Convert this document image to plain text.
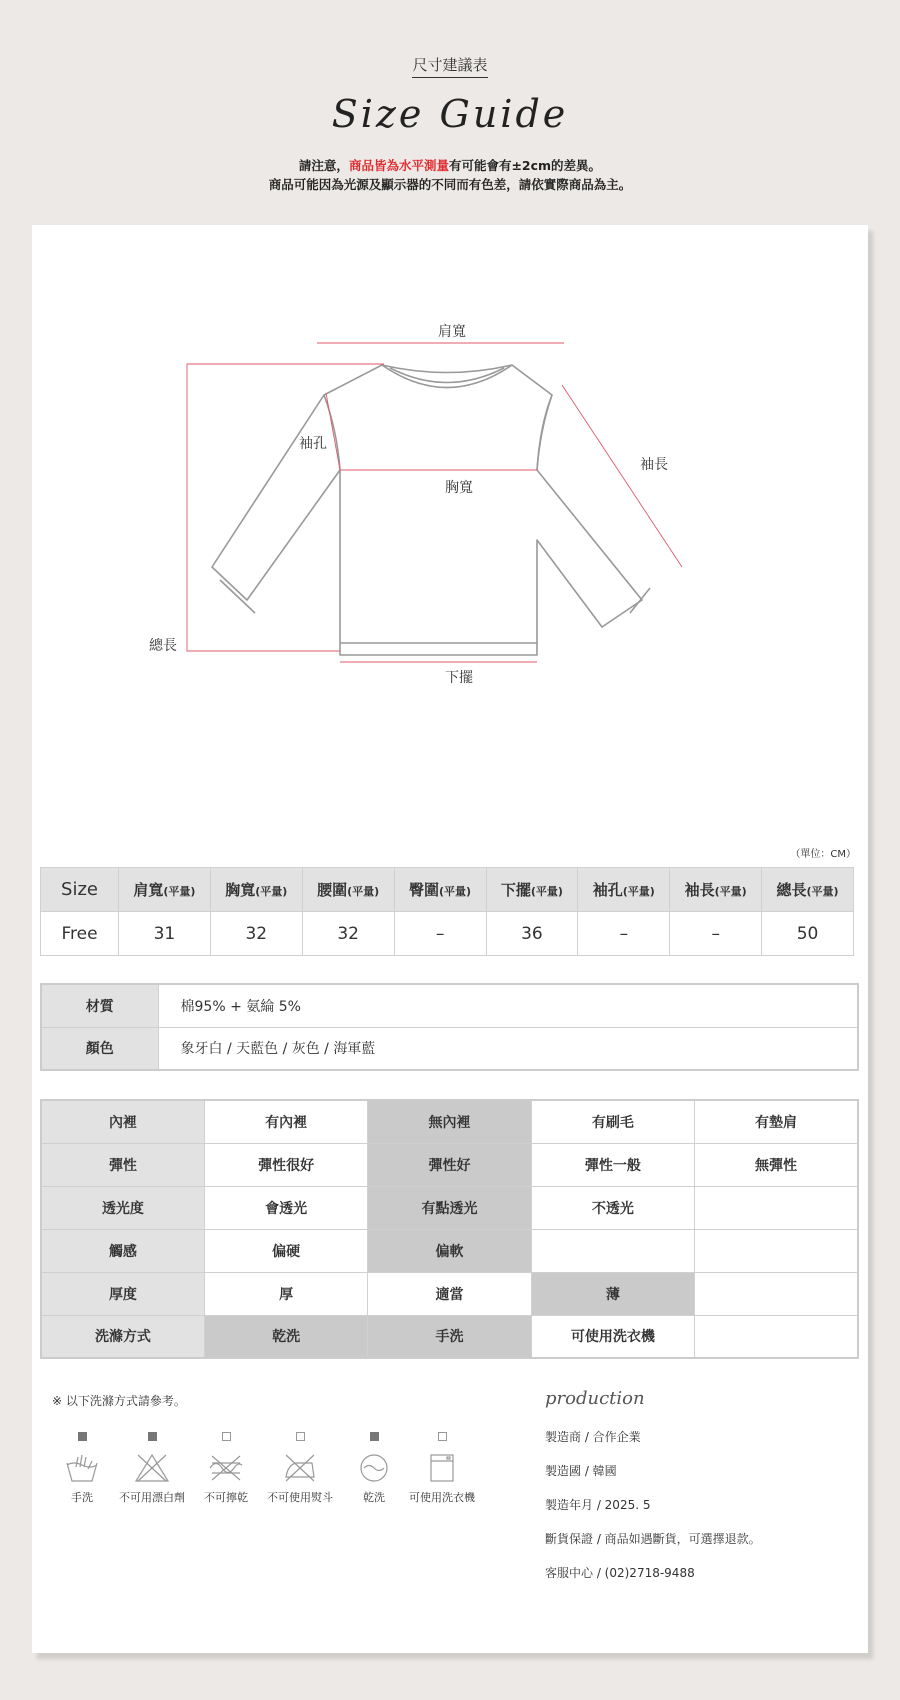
尺寸建議表
Size Guide
請注意，商品皆為水平測量有可能會有±2cm的差異。
商品可能因為光源及顯示器的不同而有色差，請依實際商品為主。
肩寬
袖孔
袖長
胸寬
總長
下擺
（單位：CM）
Size	肩寬(平量)	胸寬(平量)	腰圍(平量)	臀圍(平量)	下擺(平量)	袖孔(平量)	袖長(平量)	總長(平量)
Free	31	32	32	–	36	–	–	50
材質	棉95% + 氨綸 5%
顏色	象牙白 / 天藍色 / 灰色 / 海軍藍
內裡	有內裡	無內裡	有刷毛	有墊肩
彈性	彈性很好	彈性好	彈性一般	無彈性
透光度	會透光	有點透光	不透光	
觸感	偏硬	偏軟		
厚度	厚	適當	薄	
洗滌方式	乾洗	手洗	可使用洗衣機	
※ 以下洗滌方式請參考。
手洗	不可用漂白劑	不可擰乾	不可使用熨斗	乾洗	可使用洗衣機
production
製造商 / 合作企業
製造國 / 韓國
製造年月 / 2025. 5
斷貨保證 / 商品如遇斷貨，可選擇退款。
客服中心 / (02)2718-9488
